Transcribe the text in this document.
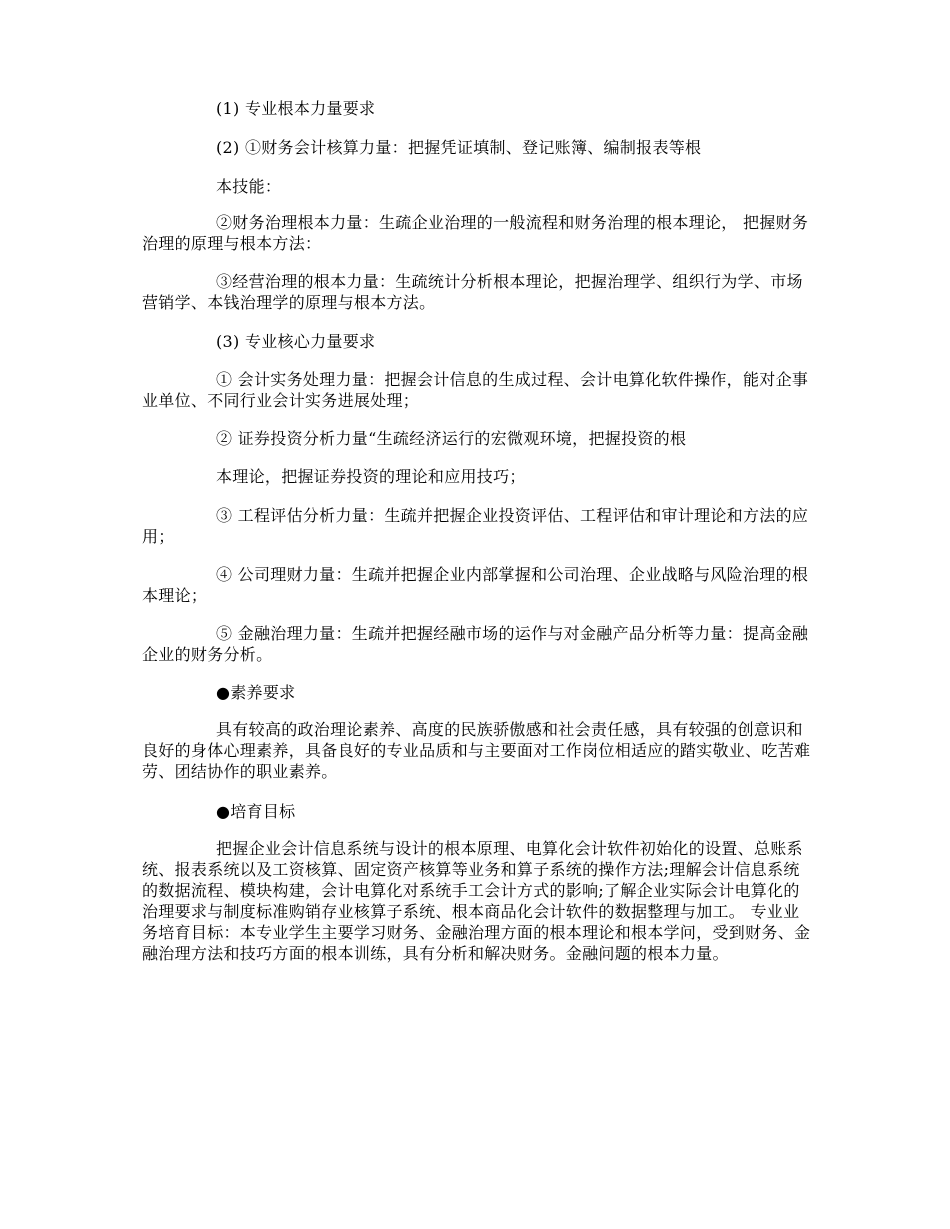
(1) 专业根本力量要求

(2) ①财务会计核算力量：把握凭证填制、登记账簿、编制报表等根

本技能：

②财务治理根本力量：生疏企业治理的一般流程和财务治理的根本理论， 把握财务治理的原理与根本方法：

③经营治理的根本力量：生疏统计分析根本理论，把握治理学、组织行为学、市场营销学、本钱治理学的原理与根本方法。

(3) 专业核心力量要求

① 会计实务处理力量：把握会计信息的生成过程、会计电算化软件操作，能对企事业单位、不同行业会计实务进展处理；

② 证券投资分析力量“生疏经济运行的宏微观环境，把握投资的根

本理论，把握证券投资的理论和应用技巧；

③ 工程评估分析力量：生疏并把握企业投资评估、工程评估和审计理论和方法的应用；

④ 公司理财力量：生疏并把握企业内部掌握和公司治理、企业战略与风险治理的根本理论；

⑤ 金融治理力量：生疏并把握经融市场的运作与对金融产品分析等力量：提高金融企业的财务分析。

●素养要求

具有较高的政治理论素养、高度的民族骄傲感和社会责任感，具有较强的创意识和良好的身体心理素养，具备良好的专业品质和与主要面对工作岗位相适应的踏实敬业、吃苦难劳、团结协作的职业素养。

●培育目标

把握企业会计信息系统与设计的根本原理、电算化会计软件初始化的设置、总账系统、报表系统以及工资核算、固定资产核算等业务和算子系统的操作方法;理解会计信息系统的数据流程、模块构建，会计电算化对系统手工会计方式的影响;了解企业实际会计电算化的治理要求与制度标准购销存业核算子系统、根本商品化会计软件的数据整理与加工。 专业业务培育目标：本专业学生主要学习财务、金融治理方面的根本理论和根本学问，受到财务、金融治理方法和技巧方面的根本训练，具有分析和解决财务。金融问题的根本力量。
